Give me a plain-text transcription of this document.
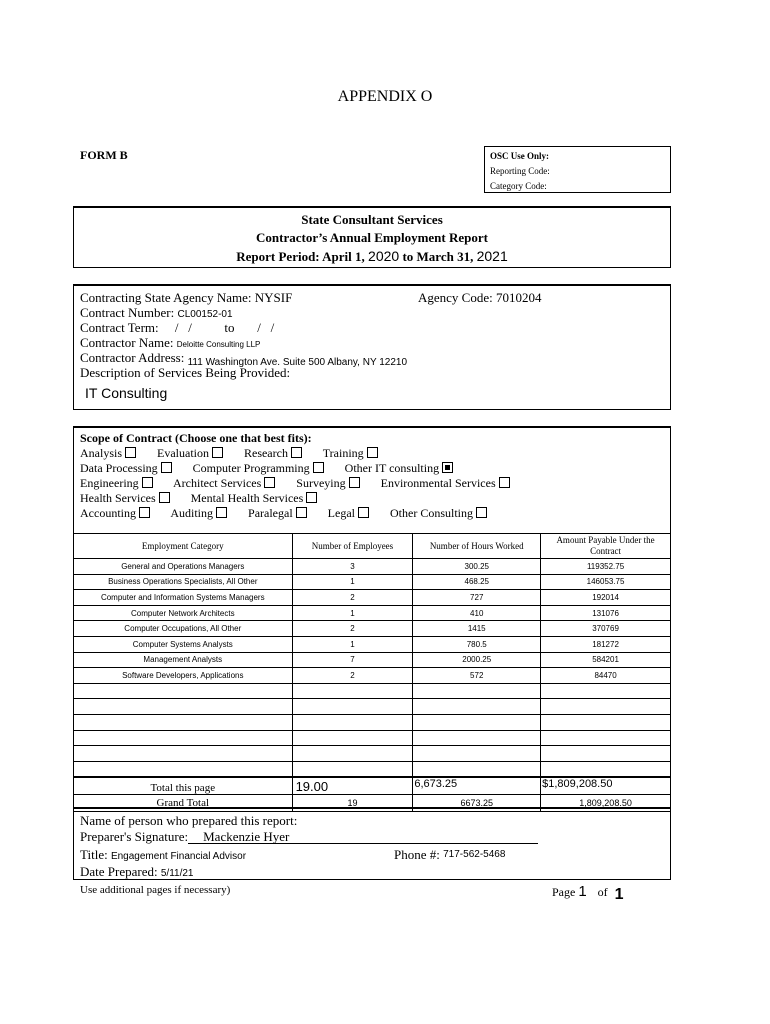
APPENDIX O
FORM B	OSC Use Only:
Reporting Code:
Category Code:
State Consultant Services
Contractor’s Annual Employment Report
Report Period: April 1, 2020 to March 31, 2021
Contracting State Agency Name: NYSIF	Agency Code: 7010204
Contract Number: CL00152-01
Contract Term: /   /	to /   /
Contractor Name: Deloitte Consulting LLP
Contractor Address: $_{111 Washington Ave. Suite 500 Albany, NY 12210}$
Description of Services Being Provided:
IT Consulting
Scope of Contract (Choose one that best fits):
Analysis	Evaluation	Research	Training
Data Processing	Computer Programming	Other IT consulting
Engineering	Architect Services	Surveying	Environmental Services
Health Services	Mental Health Services
Accounting	Auditing	Paralegal	Legal	Other Consulting
Employment Category	Number of Employees	Number of Hours Worked	Amount Payable Under the Contract
General and Operations Managers	3	300.25	119352.75
Business Operations Specialists, All Other	1	468.25	146053.75
Computer and Information Systems Managers	2	727	192014
Computer Network Architects	1	410	131076
Computer Occupations, All Other	2	1415	370769
Computer Systems Analysts	1	780.5	181272
Management Analysts	7	2000.25	584201
Software Developers, Applications	2	572	84470

Total this page	19.00	6,673.25	$1,809,208.50
Grand Total	19	6673.25	1,809,208.50
Name of person who prepared this report:
Preparer's Signature: Mackenzie Hyer
Title: Engagement Financial Advisor	Phone #: 717-562-5468
Date Prepared: 5/11/21
Use additional pages if necessary)	Page 1 of 1
